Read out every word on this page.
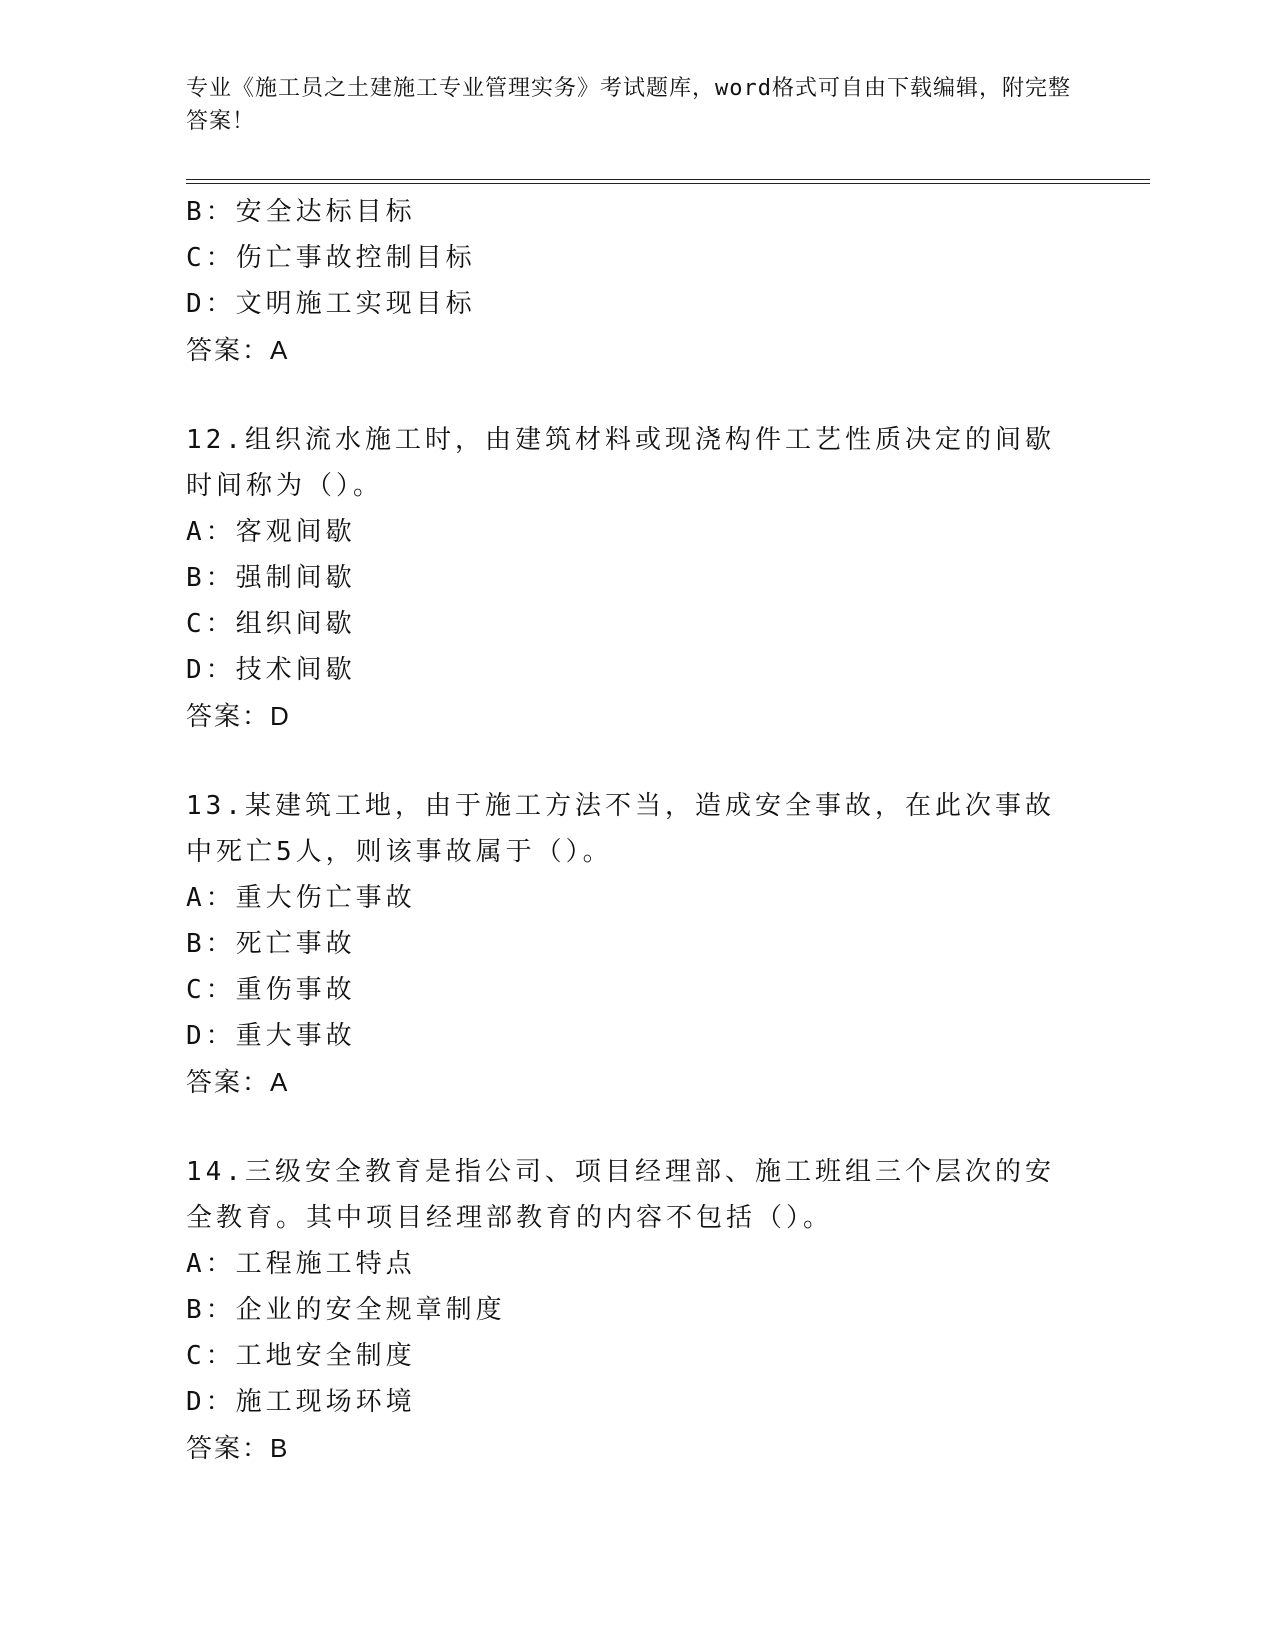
专业《施工员之土建施工专业管理实务》考试题库，word格式可自由下载编辑，附完整答案！
B：安全达标目标
C：伤亡事故控制目标
D：文明施工实现目标
答案：A
12.组织流水施工时，由建筑材料或现浇构件工艺性质决定的间歇时间称为（）。
A：客观间歇
B：强制间歇
C：组织间歇
D：技术间歇
答案：D
13.某建筑工地，由于施工方法不当，造成安全事故，在此次事故中死亡5人，则该事故属于（）。
A：重大伤亡事故
B：死亡事故
C：重伤事故
D：重大事故
答案：A
14.三级安全教育是指公司、项目经理部、施工班组三个层次的安全教育。其中项目经理部教育的内容不包括（）。
A：工程施工特点
B：企业的安全规章制度
C：工地安全制度
D：施工现场环境
答案：B
